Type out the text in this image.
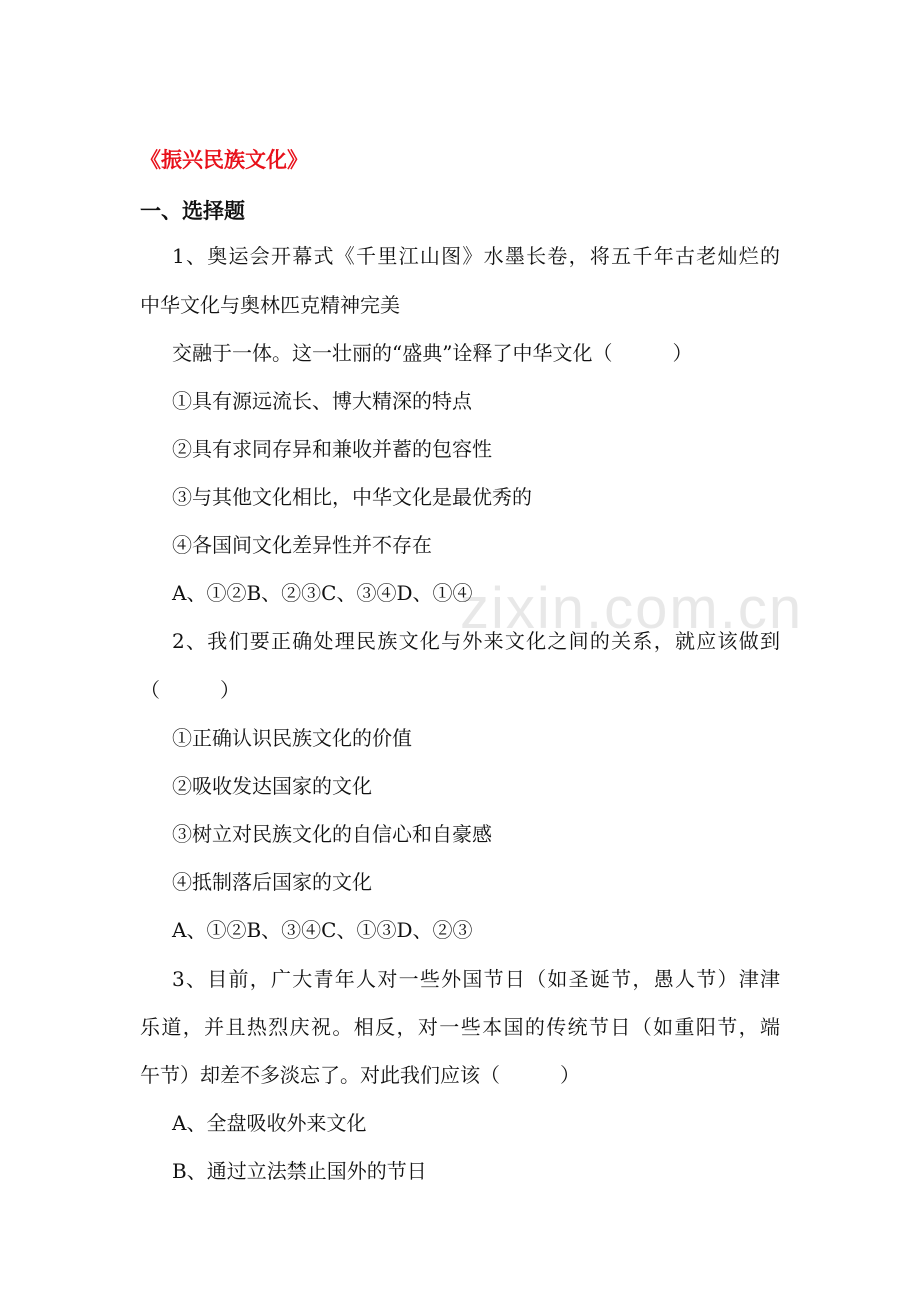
zixin.com.cn
《振兴民族文化》
一、选择题
1、奥运会开幕式《千里江山图》水墨长卷，将五千年古老灿烂的
中华文化与奥林匹克精神完美
交融于一体。这一壮丽的“盛典”诠释了中华文化（　　　）
①具有源远流长、博大精深的特点
②具有求同存异和兼收并蓄的包容性
③与其他文化相比，中华文化是最优秀的
④各国间文化差异性并不存在
A、①②B、②③C、③④D、①④
2、我们要正确处理民族文化与外来文化之间的关系，就应该做到
（　　　）
①正确认识民族文化的价值
②吸收发达国家的文化
③树立对民族文化的自信心和自豪感
④抵制落后国家的文化
A、①②B、③④C、①③D、②③
3、目前，广大青年人对一些外国节日（如圣诞节，愚人节）津津
乐道，并且热烈庆祝。相反，对一些本国的传统节日（如重阳节，端
午节）却差不多淡忘了。对此我们应该（　　　）
A、全盘吸收外来文化
B、通过立法禁止国外的节日
